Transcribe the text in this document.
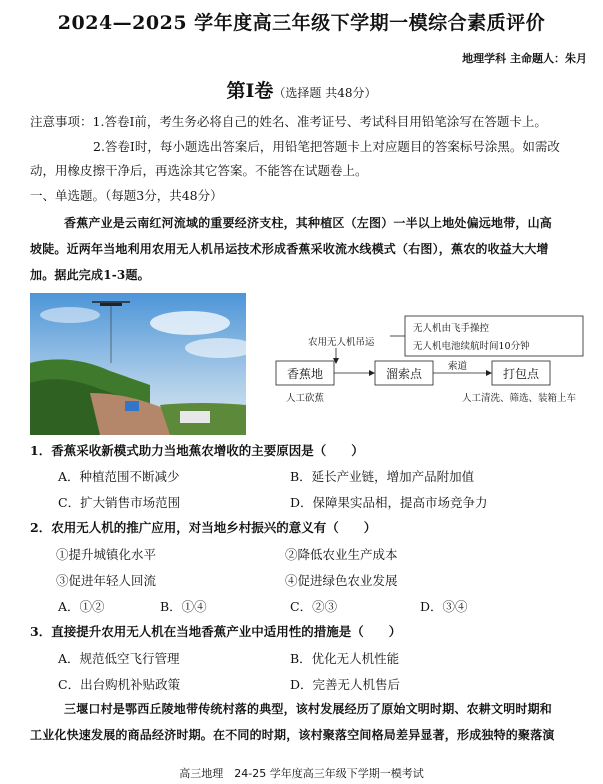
2024—2025 学年度高三年级下学期一模综合素质评价
地理学科 主命题人：朱月
第Ⅰ卷（选择题 共48分）
注意事项：1.答卷Ⅰ前，考生务必将自己的姓名、准考证号、考试科目用铅笔涂写在答题卡上。
2.答卷Ⅰ时，每小题选出答案后，用铅笔把答题卡上对应题目的答案标号涂黑。如需改
动，用橡皮擦干净后，再选涂其它答案。不能答在试题卷上。
一、单选题。（每题3分，共48分）
香蕉产业是云南红河流域的重要经济支柱，其种植区（左图）一半以上地处偏远地带，山高
坡陡。近两年当地利用农用无人机吊运技术形成香蕉采收流水线模式（右图），蕉农的收益大大增
加。据此完成1-3题。
农用无人机吊运
无人机由飞手操控
无人机电池续航时间10分钟
香蕉地	溜索点	打包点
索道
人工砍蕉	人工清洗、筛选、装箱上车
1．香蕉采收新模式助力当地蕉农增收的主要原因是（　　）
A．种植范围不断减少	B．延长产业链，增加产品附加值
C．扩大销售市场范围	D．保障果实品相，提高市场竞争力
2．农用无人机的推广应用，对当地乡村振兴的意义有（　　）
①提升城镇化水平	②降低农业生产成本
③促进年轻人回流	④促进绿色农业发展
A．①②	B．①④	C．②③	D．③④
3．直接提升农用无人机在当地香蕉产业中适用性的措施是（　　）
A．规范低空飞行管理	B．优化无人机性能
C．出台购机补贴政策	D．完善无人机售后
三堰口村是鄂西丘陵地带传统村落的典型，该村发展经历了原始文明时期、农耕文明时期和
工业化快速发展的商品经济时期。在不同的时期，该村聚落空间格局差异显著，形成独特的聚落演
高三地理　24-25 学年度高三年级下学期一模考试
